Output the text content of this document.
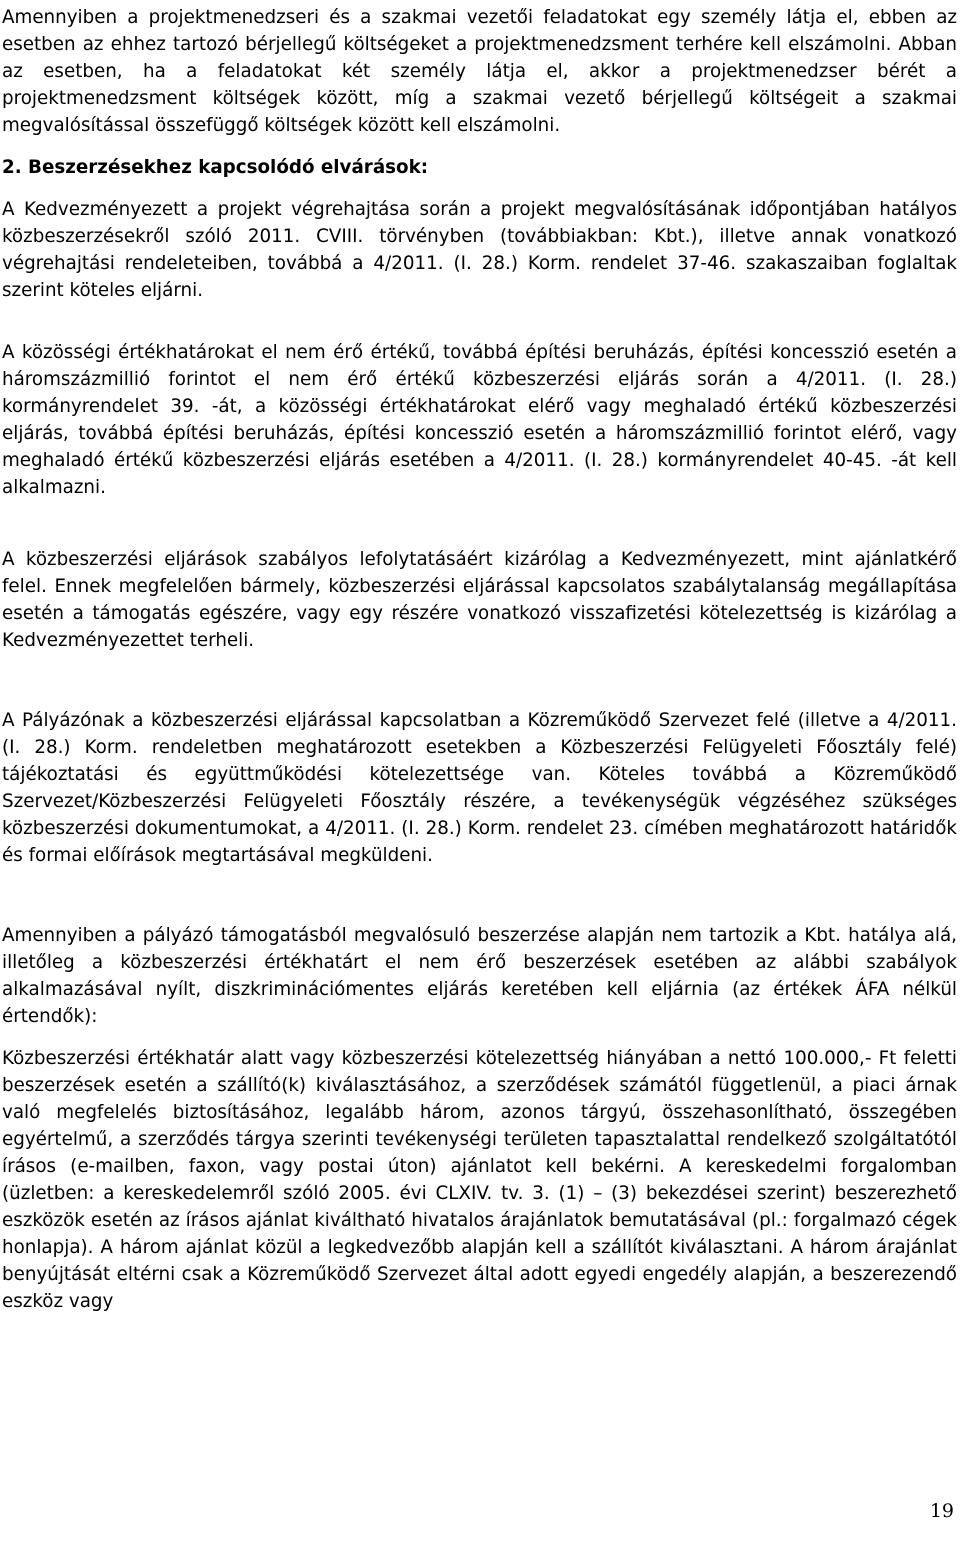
Amennyiben a projektmenedzseri és a szakmai vezetői feladatokat egy személy látja el, ebben az esetben az ehhez tartozó bérjellegű költségeket a projektmenedzsment terhére kell elszámolni. Abban az esetben, ha a feladatokat két személy látja el, akkor a projektmenedzser bérét a projektmenedzsment költségek között, míg a szakmai vezető bérjellegű költségeit a szakmai megvalósítással összefüggő költségek között kell elszámolni.

2. Beszerzésekhez kapcsolódó elvárások:

A Kedvezményezett a projekt végrehajtása során a projekt megvalósításának időpontjában hatályos közbeszerzésekről szóló 2011. CVIII. törvényben (továbbiakban: Kbt.), illetve annak vonatkozó végrehajtási rendeleteiben, továbbá a 4/2011. (I. 28.) Korm. rendelet 37-46. szakaszaiban foglaltak szerint köteles eljárni.

A közösségi értékhatárokat el nem érő értékű, továbbá építési beruházás, építési koncesszió esetén a háromszázmillió forintot el nem érő értékű közbeszerzési eljárás során a 4/2011. (I. 28.) kormányrendelet 39. -át, a közösségi értékhatárokat elérő vagy meghaladó értékű közbeszerzési eljárás, továbbá építési beruházás, építési koncesszió esetén a háromszázmillió forintot elérő, vagy meghaladó értékű közbeszerzési eljárás esetében a 4/2011. (I. 28.) kormányrendelet 40-45. -át kell alkalmazni.

A közbeszerzési eljárások szabályos lefolytatásáért kizárólag a Kedvezményezett, mint ajánlatkérő felel. Ennek megfelelően bármely, közbeszerzési eljárással kapcsolatos szabálytalanság megállapítása esetén a támogatás egészére, vagy egy részére vonatkozó visszafizetési kötelezettség is kizárólag a Kedvezményezettet terheli.

A Pályázónak a közbeszerzési eljárással kapcsolatban a Közreműködő Szervezet felé (illetve a 4/2011. (I. 28.) Korm. rendeletben meghatározott esetekben a Közbeszerzési Felügyeleti Főosztály felé) tájékoztatási és együttműködési kötelezettsége van. Köteles továbbá a Közreműködő Szervezet/Közbeszerzési Felügyeleti Főosztály részére, a tevékenységük végzéséhez szükséges közbeszerzési dokumentumokat, a 4/2011. (I. 28.) Korm. rendelet 23. címében meghatározott határidők és formai előírások megtartásával megküldeni.

Amennyiben a pályázó támogatásból megvalósuló beszerzése alapján nem tartozik a Kbt. hatálya alá, illetőleg a közbeszerzési értékhatárt el nem érő beszerzések esetében az alábbi szabályok alkalmazásával nyílt, diszkriminációmentes eljárás keretében kell eljárnia (az értékek ÁFA nélkül értendők):

Közbeszerzési értékhatár alatt vagy közbeszerzési kötelezettség hiányában a nettó 100.000,- Ft feletti beszerzések esetén a szállító(k) kiválasztásához, a szerződések számától függetlenül, a piaci árnak való megfelelés biztosításához, legalább három, azonos tárgyú, összehasonlítható, összegében egyértelmű, a szerződés tárgya szerinti tevékenységi területen tapasztalattal rendelkező szolgáltatótól írásos (e-mailben, faxon, vagy postai úton) ajánlatot kell bekérni. A kereskedelmi forgalomban (üzletben: a kereskedelemről szóló 2005. évi CLXIV. tv. 3. (1) – (3) bekezdései szerint) beszerezhető eszközök esetén az írásos ajánlat kiváltható hivatalos árajánlatok bemutatásával (pl.: forgalmazó cégek honlapja). A három ajánlat közül a legkedvezőbb alapján kell a szállítót kiválasztani. A három árajánlat benyújtását eltérni csak a Közreműködő Szervezet által adott egyedi engedély alapján, a beszerezendő eszköz vagy

19
